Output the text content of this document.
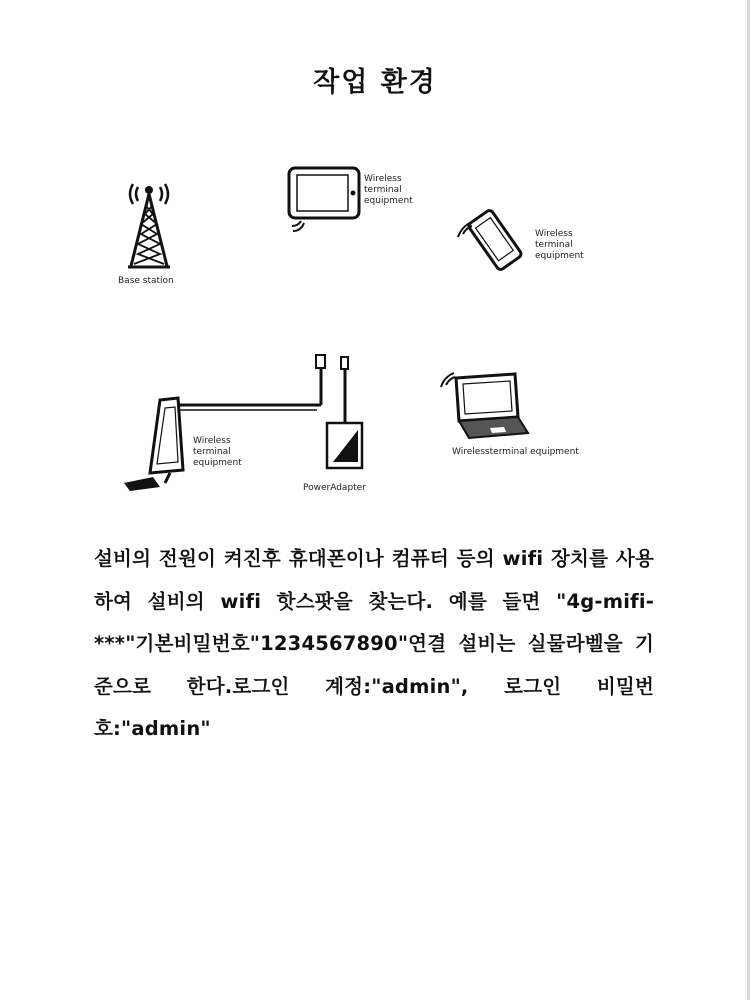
작업 환경
Base station
Wireless terminal equipment
Wireless terminal equipment
PowerAdapter
Wireless terminal equipment
Wirelessterminal equipment
설비의 전원이 켜진후 휴대폰이나 컴퓨터 등의 wifi 장치를 사용하여 설비의 wifi 핫스팟을 찾는다. 예를 들면 "4g-mifi-***"기본비밀번호"1234567890"연결 설비는 실물라벨을 기준으로 한다.로그인 계정:"admin", 로그인 비밀번호:"admin"
